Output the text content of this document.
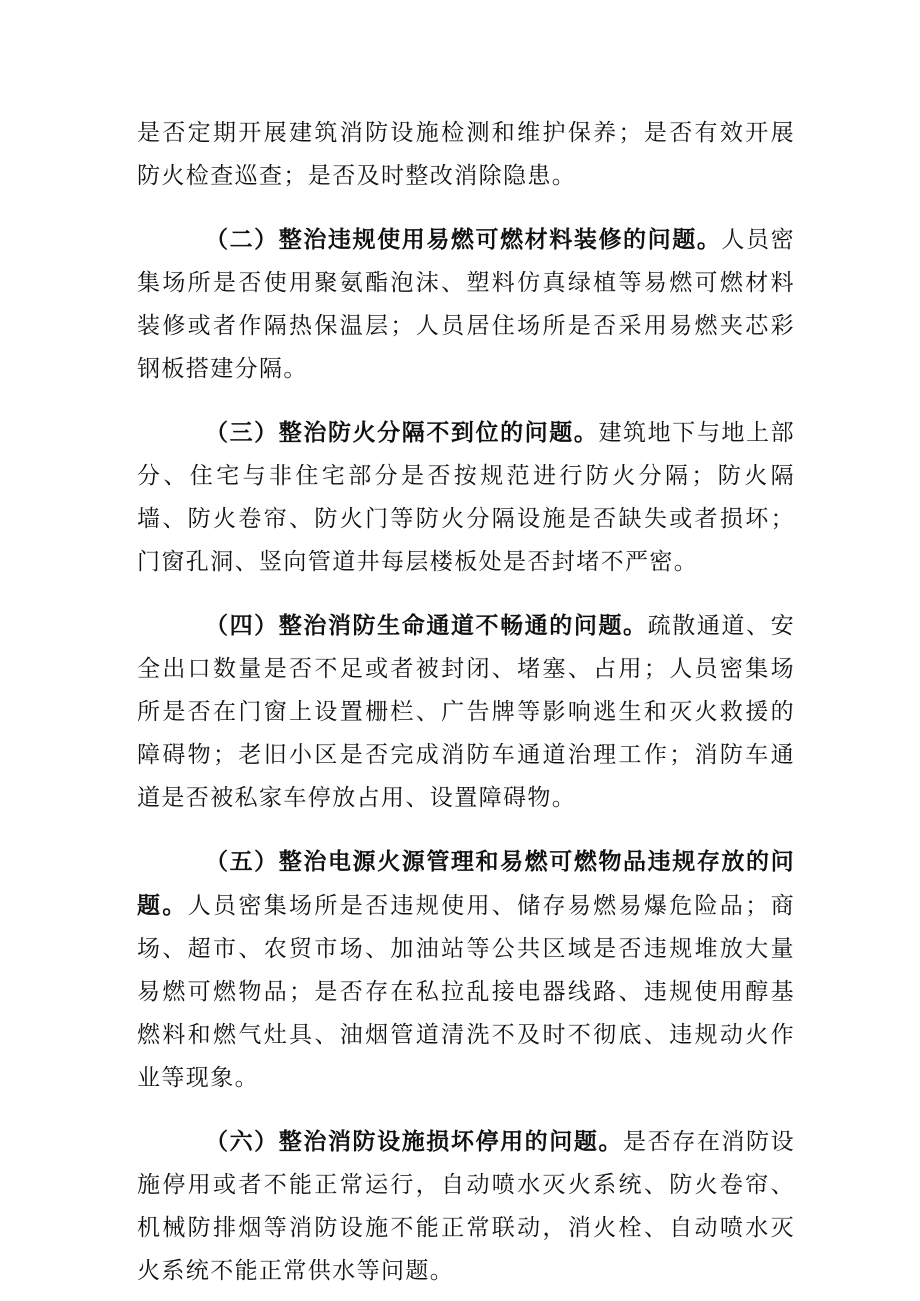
是否定期开展建筑消防设施检测和维护保养；是否有效开展防火检查巡查；是否及时整改消除隐患。

（二）整治违规使用易燃可燃材料装修的问题。人员密集场所是否使用聚氨酯泡沫、塑料仿真绿植等易燃可燃材料装修或者作隔热保温层；人员居住场所是否采用易燃夹芯彩钢板搭建分隔。

（三）整治防火分隔不到位的问题。建筑地下与地上部分、住宅与非住宅部分是否按规范进行防火分隔；防火隔墙、防火卷帘、防火门等防火分隔设施是否缺失或者损坏；门窗孔洞、竖向管道井每层楼板处是否封堵不严密。

（四）整治消防生命通道不畅通的问题。疏散通道、安全出口数量是否不足或者被封闭、堵塞、占用；人员密集场所是否在门窗上设置栅栏、广告牌等影响逃生和灭火救援的障碍物；老旧小区是否完成消防车通道治理工作；消防车通道是否被私家车停放占用、设置障碍物。

（五）整治电源火源管理和易燃可燃物品违规存放的问题。人员密集场所是否违规使用、储存易燃易爆危险品；商场、超市、农贸市场、加油站等公共区域是否违规堆放大量易燃可燃物品；是否存在私拉乱接电器线路、违规使用醇基燃料和燃气灶具、油烟管道清洗不及时不彻底、违规动火作业等现象。

（六）整治消防设施损坏停用的问题。是否存在消防设施停用或者不能正常运行，自动喷水灭火系统、防火卷帘、机械防排烟等消防设施不能正常联动，消火栓、自动喷水灭火系统不能正常供水等问题。
